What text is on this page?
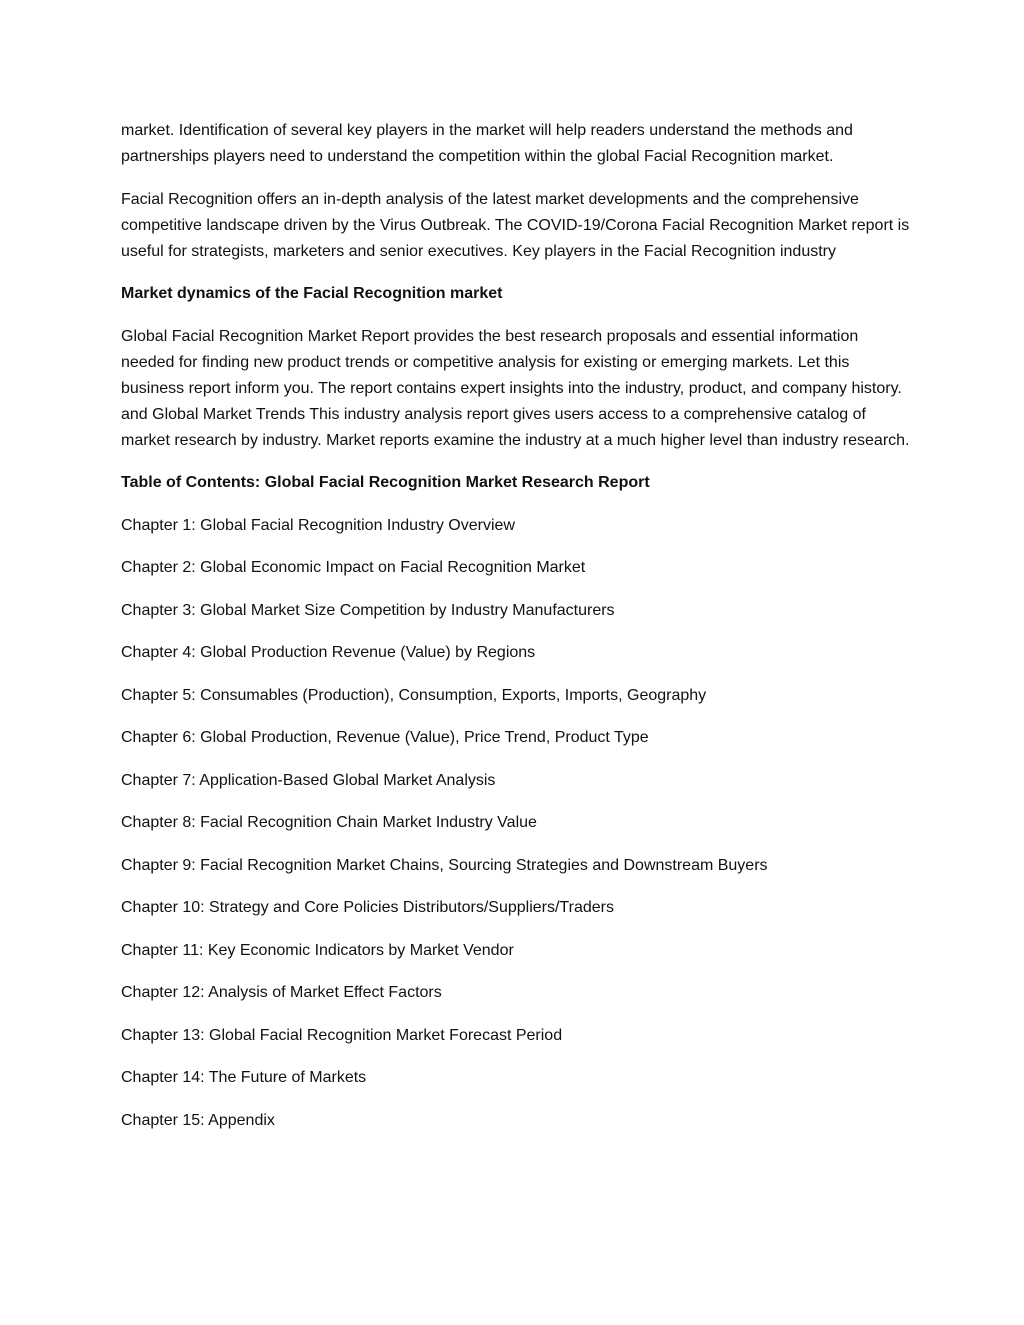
market. Identification of several key players in the market will help readers understand the methods and partnerships players need to understand the competition within the global Facial Recognition market.

Facial Recognition offers an in-depth analysis of the latest market developments and the comprehensive competitive landscape driven by the Virus Outbreak. The COVID-19/Corona Facial Recognition Market report is useful for strategists, marketers and senior executives. Key players in the Facial Recognition industry

Market dynamics of the Facial Recognition market

Global Facial Recognition Market Report provides the best research proposals and essential information needed for finding new product trends or competitive analysis for existing or emerging markets. Let this business report inform you. The report contains expert insights into the industry, product, and company history. and Global Market Trends This industry analysis report gives users access to a comprehensive catalog of market research by industry. Market reports examine the industry at a much higher level than industry research.

Table of Contents: Global Facial Recognition Market Research Report

Chapter 1: Global Facial Recognition Industry Overview
Chapter 2: Global Economic Impact on Facial Recognition Market
Chapter 3: Global Market Size Competition by Industry Manufacturers
Chapter 4: Global Production Revenue (Value) by Regions
Chapter 5: Consumables (Production), Consumption, Exports, Imports, Geography
Chapter 6: Global Production, Revenue (Value), Price Trend, Product Type
Chapter 7: Application-Based Global Market Analysis
Chapter 8: Facial Recognition Chain Market Industry Value
Chapter 9: Facial Recognition Market Chains, Sourcing Strategies and Downstream Buyers
Chapter 10: Strategy and Core Policies Distributors/Suppliers/Traders
Chapter 11: Key Economic Indicators by Market Vendor
Chapter 12: Analysis of Market Effect Factors
Chapter 13: Global Facial Recognition Market Forecast Period
Chapter 14: The Future of Markets
Chapter 15: Appendix
